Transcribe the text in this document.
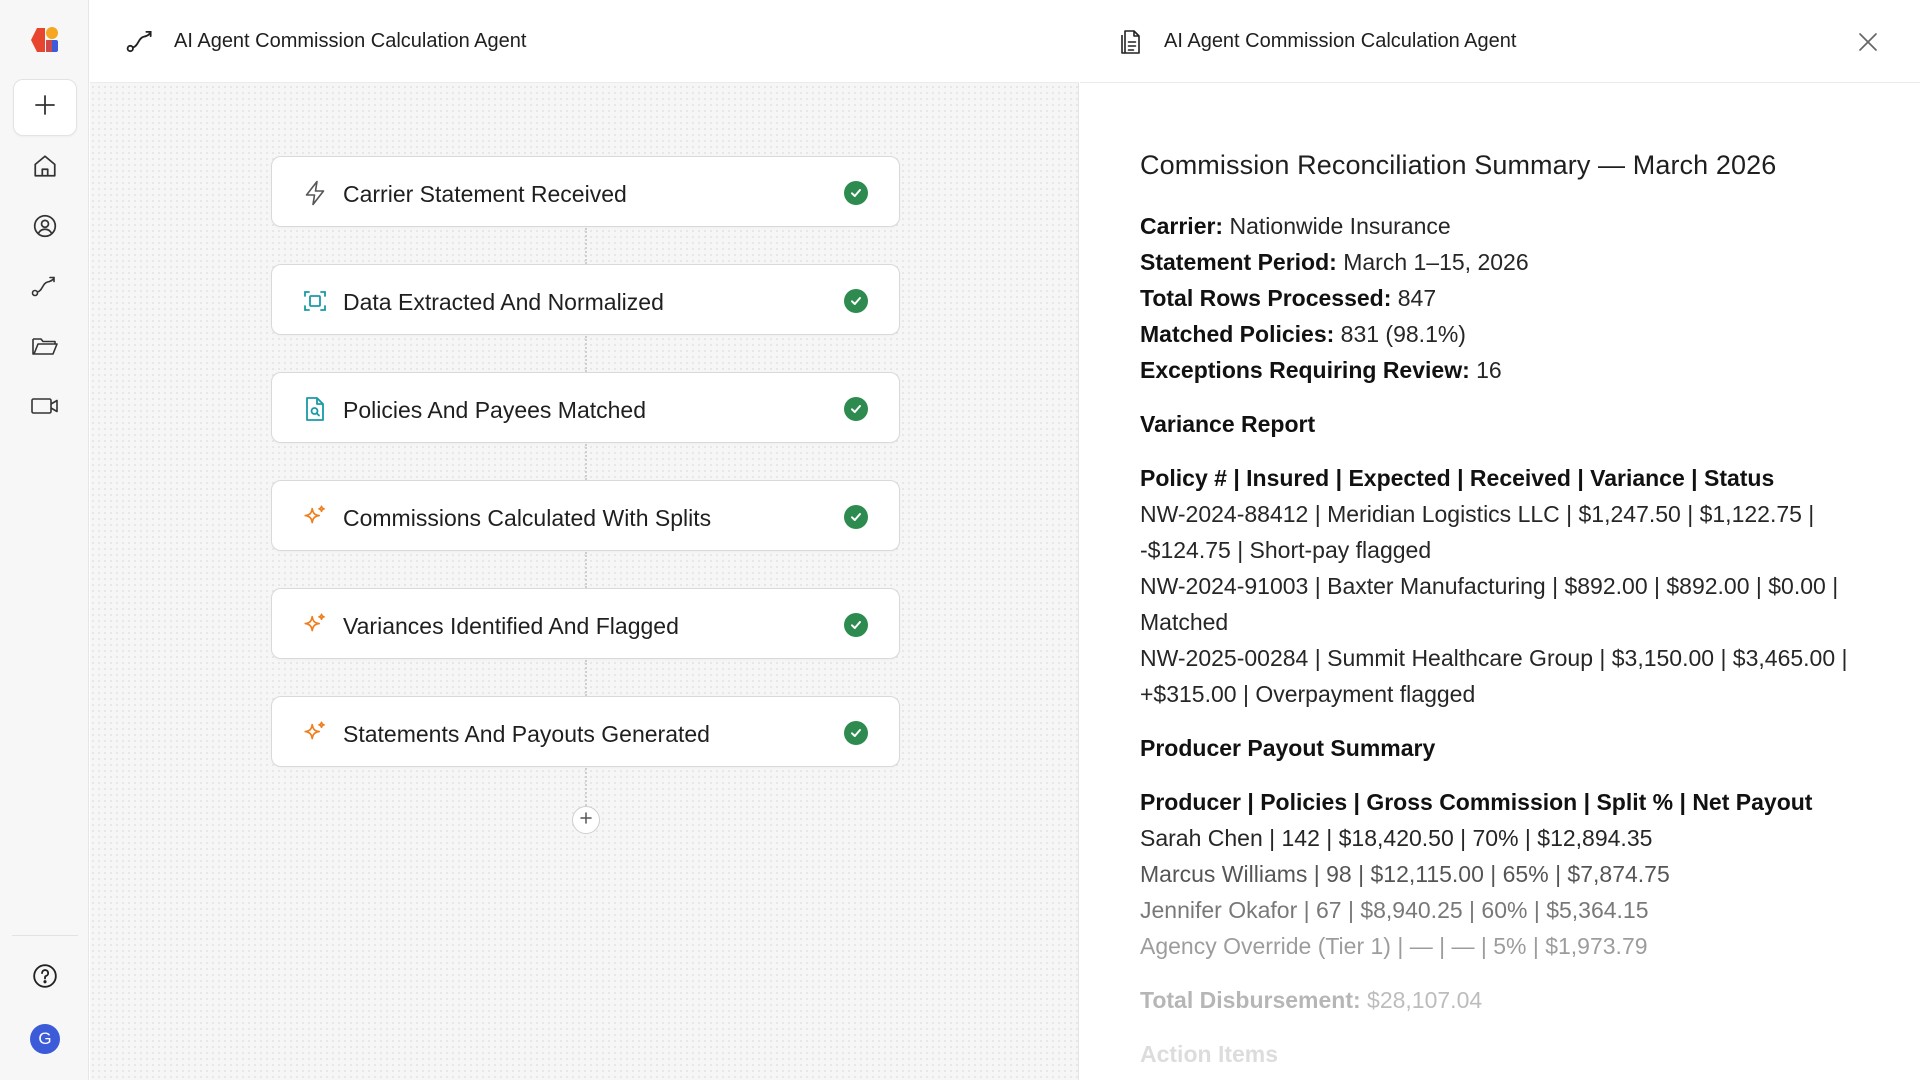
G
AI Agent Commission Calculation Agent
Carrier Statement Received
Data Extracted And Normalized
Policies And Payees Matched
Commissions Calculated With Splits
Variances Identified And Flagged
Statements And Payouts Generated
AI Agent Commission Calculation Agent
Commission Reconciliation Summary — March 2026
Carrier: Nationwide Insurance
Statement Period: March 1–15, 2026
Total Rows Processed: 847
Matched Policies: 831 (98.1%)
Exceptions Requiring Review: 16
Variance Report
Policy # | Insured | Expected | Received | Variance | Status
NW-2024-88412 | Meridian Logistics LLC | $1,247.50 | $1,122.75 | -$124.75 | Short-pay flagged
NW-2024-91003 | Baxter Manufacturing | $892.00 | $892.00 | $0.00 | Matched
NW-2025-00284 | Summit Healthcare Group | $3,150.00 | $3,465.00 | +$315.00 | Overpayment flagged
Producer Payout Summary
Producer | Policies | Gross Commission | Split % | Net Payout
Sarah Chen | 142 | $18,420.50 | 70% | $12,894.35
Marcus Williams | 98 | $12,115.00 | 65% | $7,874.75
Jennifer Okafor | 67 | $8,940.25 | 60% | $5,364.15
Agency Override (Tier 1) | — | — | 5% | $1,973.79
Total Disbursement: $28,107.04
Action Items
